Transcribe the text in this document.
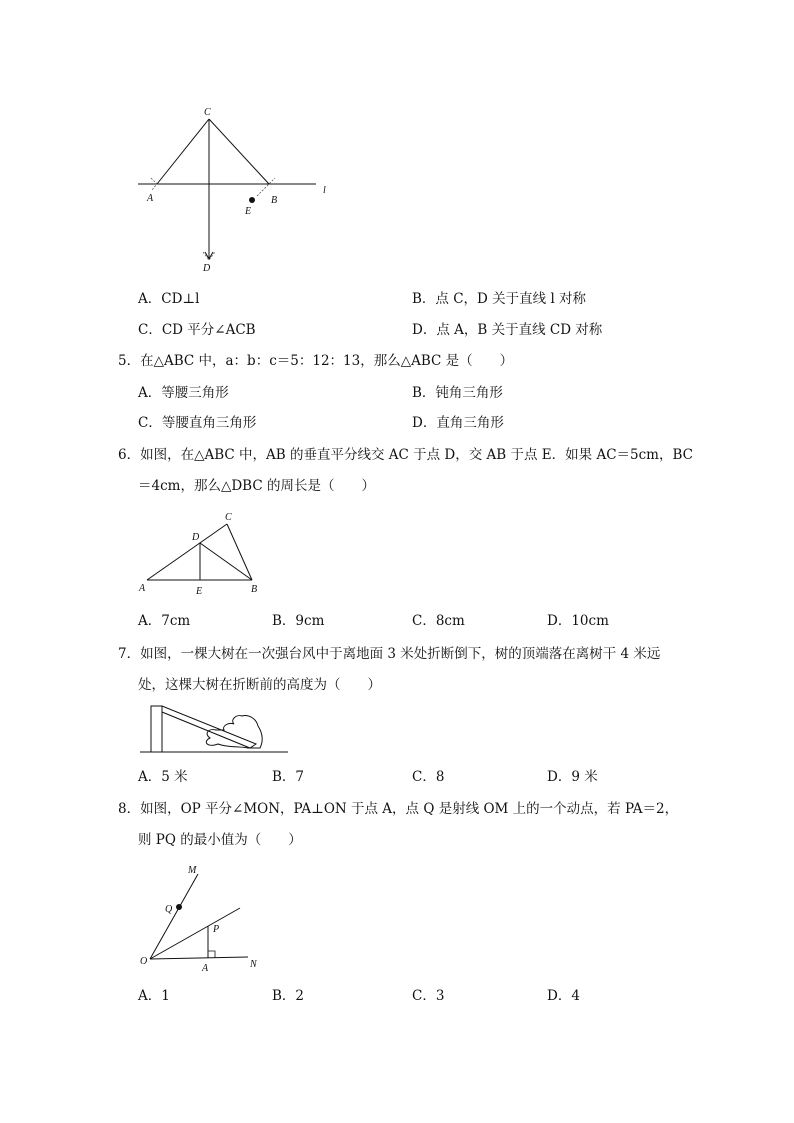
C
A	B
E
D
l
A．CD⊥l	B．点 C，D 关于直线 l 对称
C．CD 平分∠ACB	D．点 A，B 关于直线 CD 对称
5．在△ABC 中，a：b：c＝5：12：13，那么△ABC 是（　　）
A．等腰三角形	B．钝角三角形
C．等腰直角三角形	D．直角三角形
6．如图，在△ABC 中，AB 的垂直平分线交 AC 于点 D，交 AB 于点 E．如果 AC＝5cm，BC
＝4cm，那么△DBC 的周长是（　　）
A	B
C
D
E
A．7cm	B．9cm	C．8cm	D．10cm
7．如图，一棵大树在一次强台风中于离地面 3 米处折断倒下，树的顶端落在离树干 4 米远
处，这棵大树在折断前的高度为（　　）
A．5 米	B．7	C．8	D．9 米
8．如图，OP 平分∠MON，PA⊥ON 于点 A，点 Q 是射线 OM 上的一个动点，若 PA＝2，
则 PQ 的最小值为（　　）
M
Q
P
O
A	N
A．1	B．2	C．3	D．4
